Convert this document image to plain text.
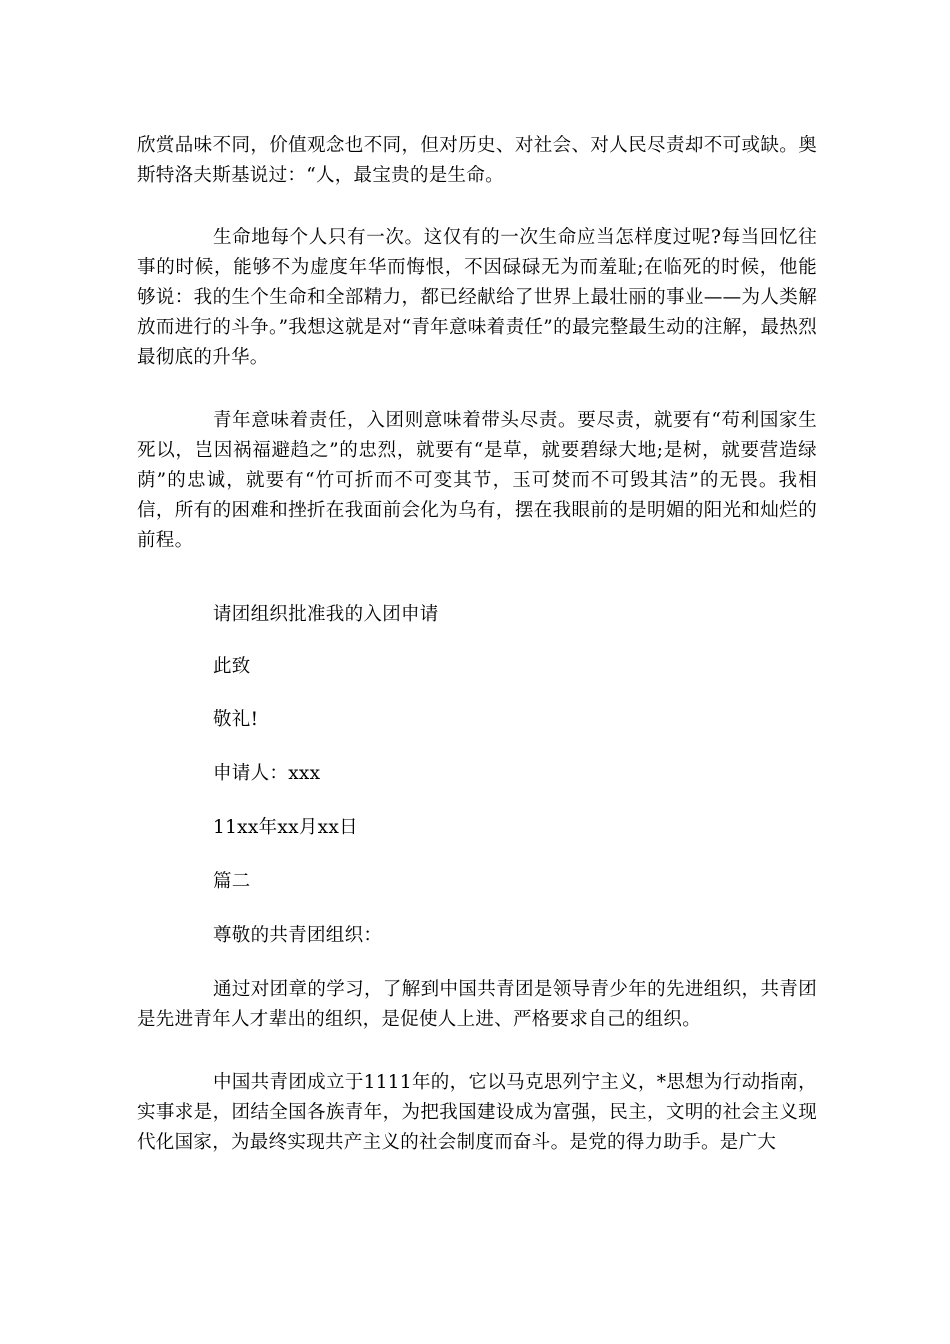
欣赏品味不同，价值观念也不同，但对历史、对社会、对人民尽责却不可或缺。奥斯特洛夫斯基说过：“人，最宝贵的是生命。

生命地每个人只有一次。这仅有的一次生命应当怎样度过呢?每当回忆往事的时候，能够不为虚度年华而悔恨，不因碌碌无为而羞耻;在临死的时候，他能够说：我的生个生命和全部精力，都已经献给了世界上最壮丽的事业——为人类解放而进行的斗争。”我想这就是对“青年意味着责任”的最完整最生动的注解，最热烈最彻底的升华。

青年意味着责任，入团则意味着带头尽责。要尽责，就要有“苟利国家生死以，岂因祸福避趋之”的忠烈，就要有“是草，就要碧绿大地;是树，就要营造绿荫”的忠诚，就要有“竹可折而不可变其节，玉可焚而不可毁其洁”的无畏。我相信，所有的困难和挫折在我面前会化为乌有，摆在我眼前的是明媚的阳光和灿烂的前程。

请团组织批准我的入团申请

此致

敬礼!

申请人：xxx

11xx年xx月xx日

篇二

尊敬的共青团组织：

通过对团章的学习，了解到中国共青团是领导青少年的先进组织，共青团是先进青年人才辈出的组织，是促使人上进、严格要求自己的组织。

中国共青团成立于1111年的，它以马克思列宁主义，*思想为行动指南，实事求是，团结全国各族青年，为把我国建设成为富强，民主，文明的社会主义现代化国家，为最终实现共产主义的社会制度而奋斗。是党的得力助手。是广大
